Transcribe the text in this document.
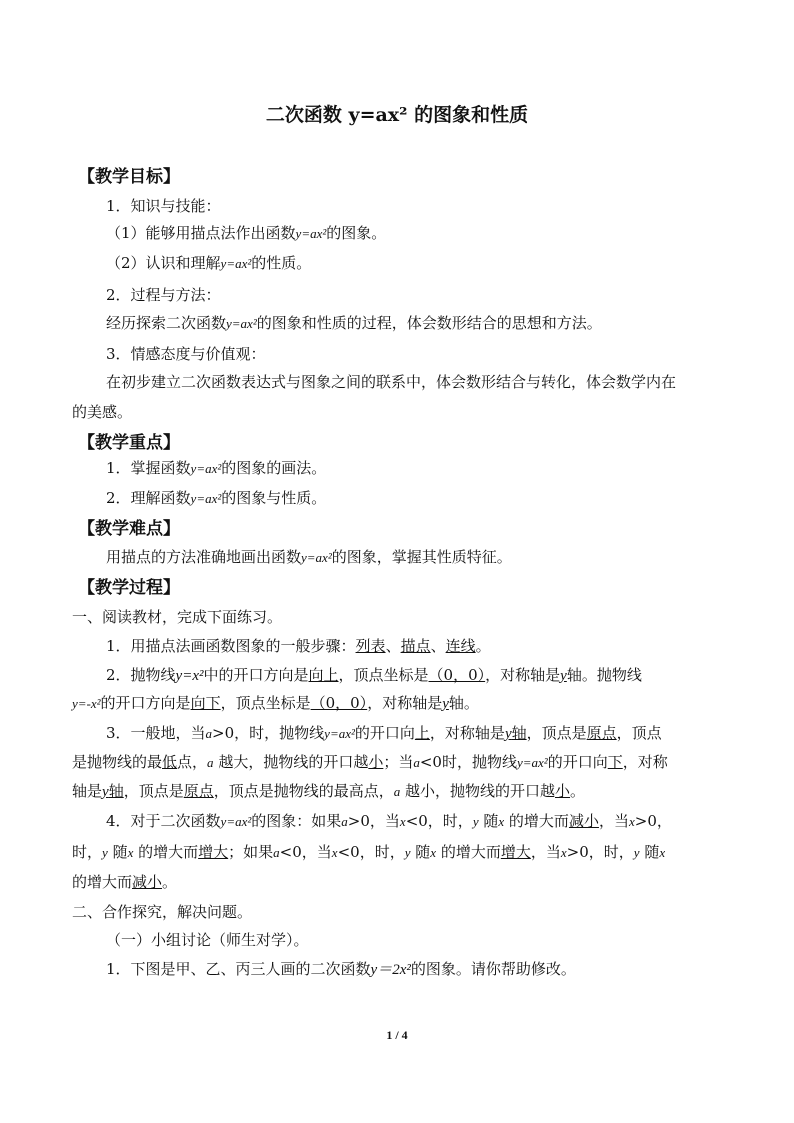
二次函数 y=ax² 的图象和性质
【教学目标】
1．知识与技能：
（1）能够用描点法作出函数y=ax²的图象。
（2）认识和理解y=ax²的性质。
2．过程与方法：
经历探索二次函数y=ax²的图象和性质的过程，体会数形结合的思想和方法。
3．情感态度与价值观：
在初步建立二次函数表达式与图象之间的联系中，体会数形结合与转化，体会数学内在
的美感。
【教学重点】
1．掌握函数y=ax²的图象的画法。
2．理解函数y=ax²的图象与性质。
【教学难点】
用描点的方法准确地画出函数y=ax²的图象，掌握其性质特征。
【教学过程】
一、阅读教材，完成下面练习。
1．用描点法画函数图象的一般步骤：列表、描点、连线。
2．抛物线y=x²中的开口方向是向上，顶点坐标是（0，0），对称轴是y轴。抛物线
y=-x²的开口方向是向下，顶点坐标是（0，0），对称轴是y轴。
3．一般地，当a>0，时，抛物线y=ax²的开口向上，对称轴是y轴，顶点是原点，顶点
是抛物线的最低点，a 越大，抛物线的开口越小；当a<0时，抛物线y=ax²的开口向下，对称
轴是y轴，顶点是原点，顶点是抛物线的最高点，a 越小，抛物线的开口越小。
4．对于二次函数y=ax²的图象：如果a>0，当x<0，时，y 随x 的增大而减小，当x>0，
时，y 随x 的增大而增大；如果a<0，当x<0，时，y 随x 的增大而增大，当x>0，时，y 随x
的增大而减小。
二、合作探究，解决问题。
（一）小组讨论（师生对学）。
1．下图是甲、乙、丙三人画的二次函数y＝2x²的图象。请你帮助修改。
1 / 4
